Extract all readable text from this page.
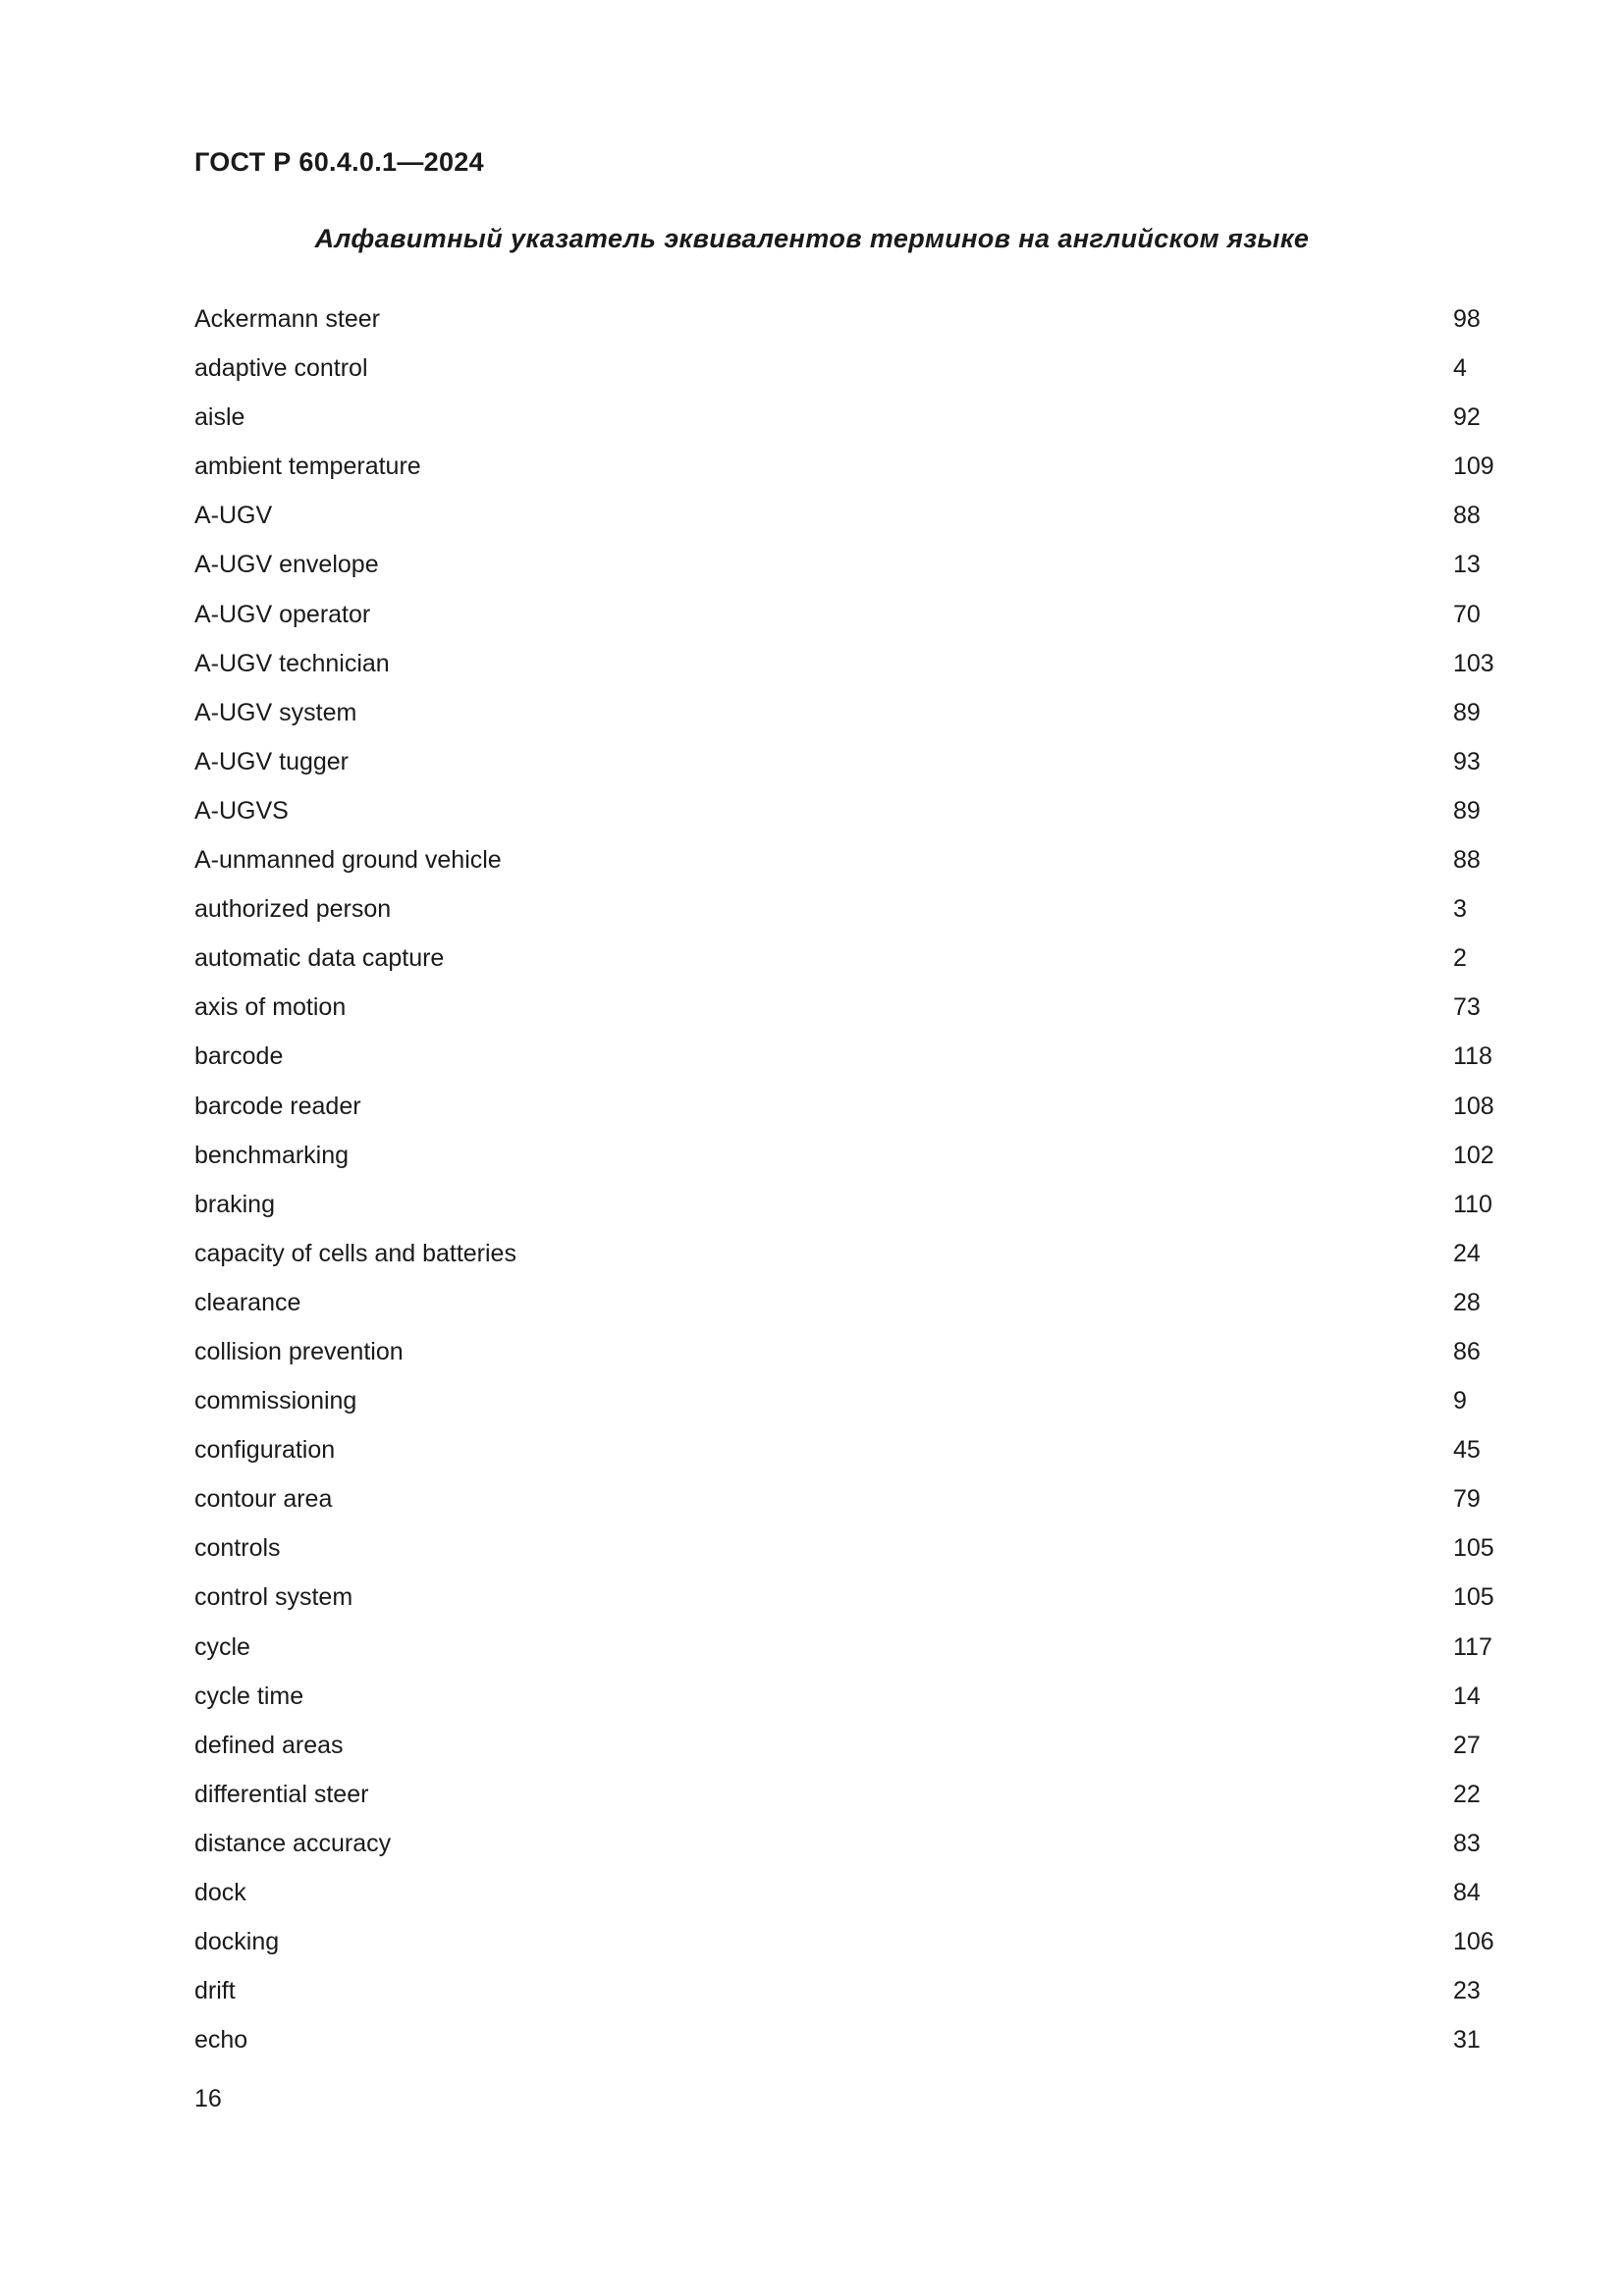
ГОСТ Р 60.4.0.1—2024

Алфавитный указатель эквивалентов терминов на английском языке
Ackermann steer	98
adaptive control	4
aisle	92
ambient temperature	109
A-UGV	88
A-UGV envelope	13
A-UGV operator	70
A-UGV technician	103
A-UGV system	89
A-UGV tugger	93
A-UGVS	89
A-unmanned ground vehicle	88
authorized person	3
automatic data capture	2
axis of motion	73
barcode	118
barcode reader	108
benchmarking	102
braking	110
capacity of cells and batteries	24
clearance	28
collision prevention	86
commissioning	9
configuration	45
contour area	79
controls	105
control system	105
cycle	117
cycle time	14
defined areas	27
differential steer	22
distance accuracy	83
dock	84
docking	106
drift	23
echo	31

16
